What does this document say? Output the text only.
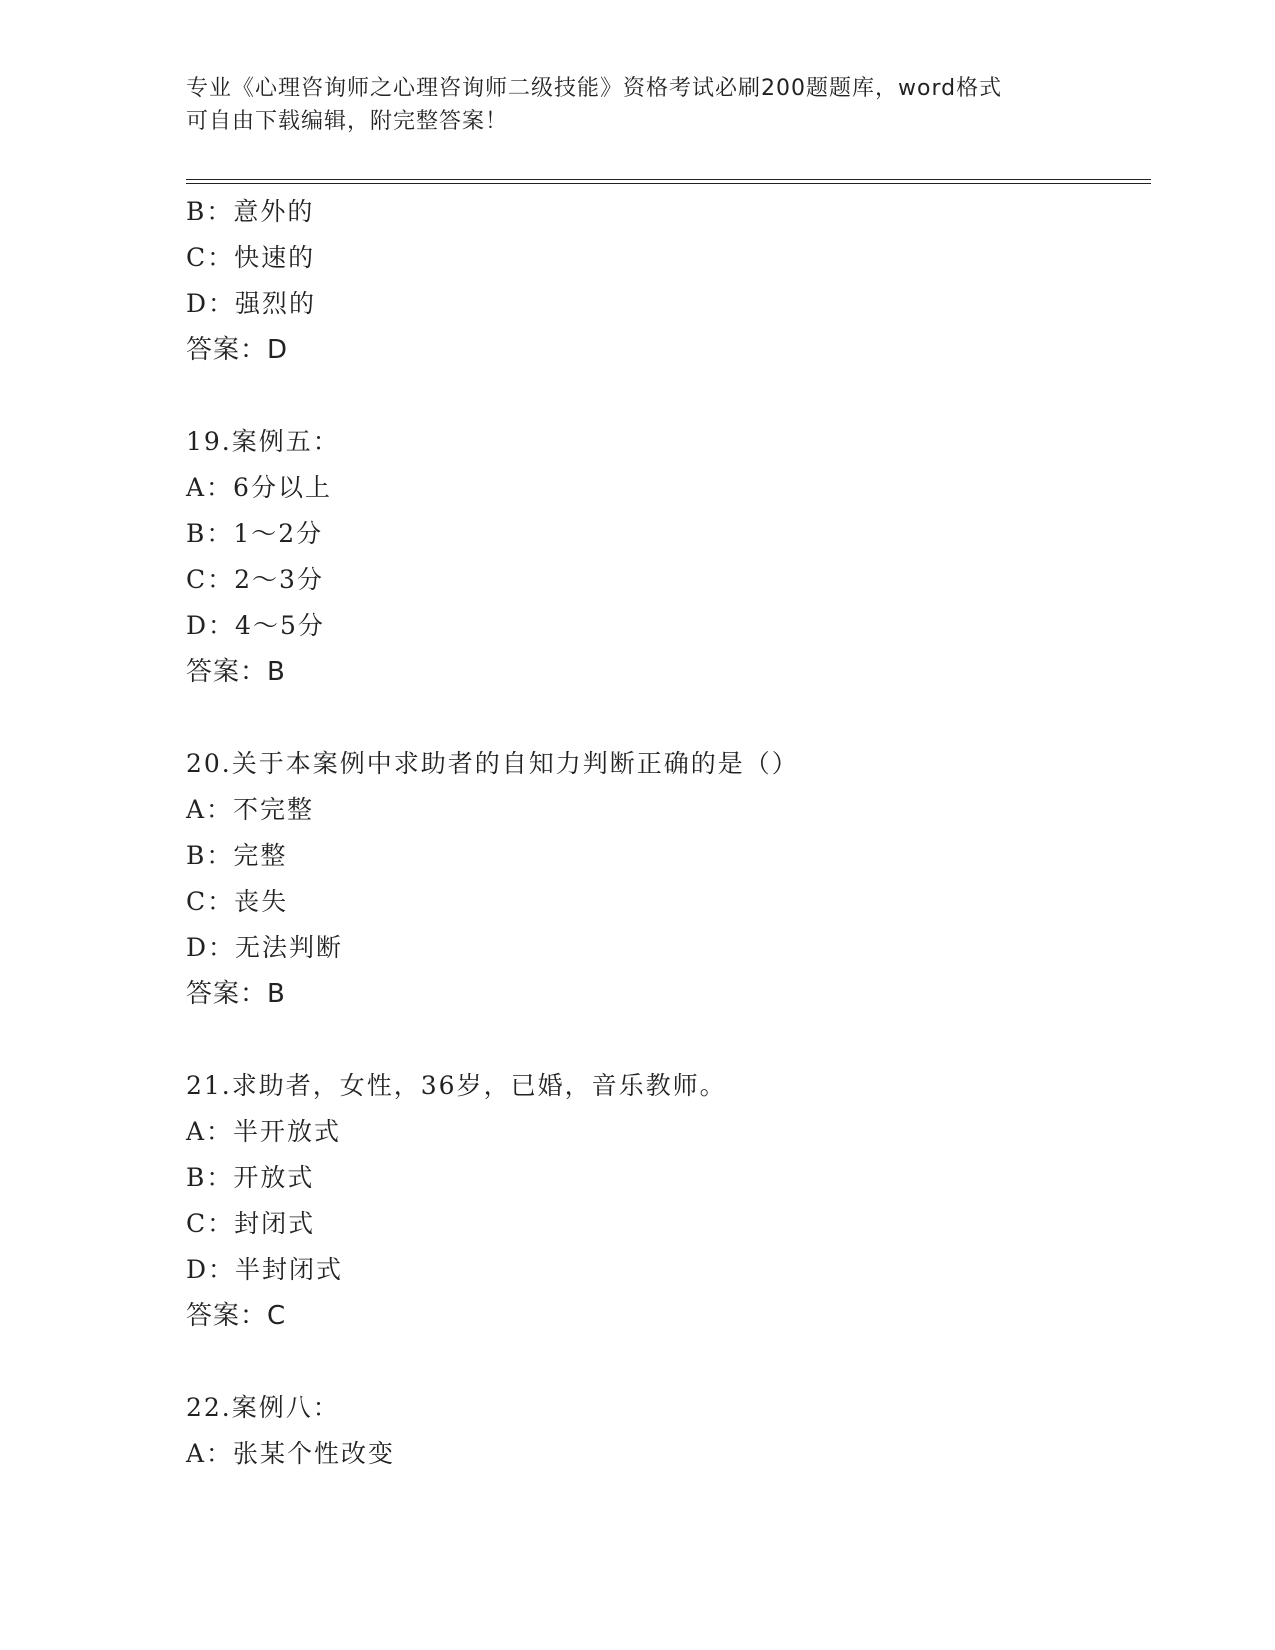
专业《心理咨询师之心理咨询师二级技能》资格考试必刷200题题库，word格式
可自由下载编辑，附完整答案！
B：意外的
C：快速的
D：强烈的
答案：D
19.案例五：
A：6分以上
B：1～2分
C：2～3分
D：4～5分
答案：B
20.关于本案例中求助者的自知力判断正确的是（）
A：不完整
B：完整
C：丧失
D：无法判断
答案：B
21.求助者，女性，36岁，已婚，音乐教师。
A：半开放式
B：开放式
C：封闭式
D：半封闭式
答案：C
22.案例八：
A：张某个性改变
